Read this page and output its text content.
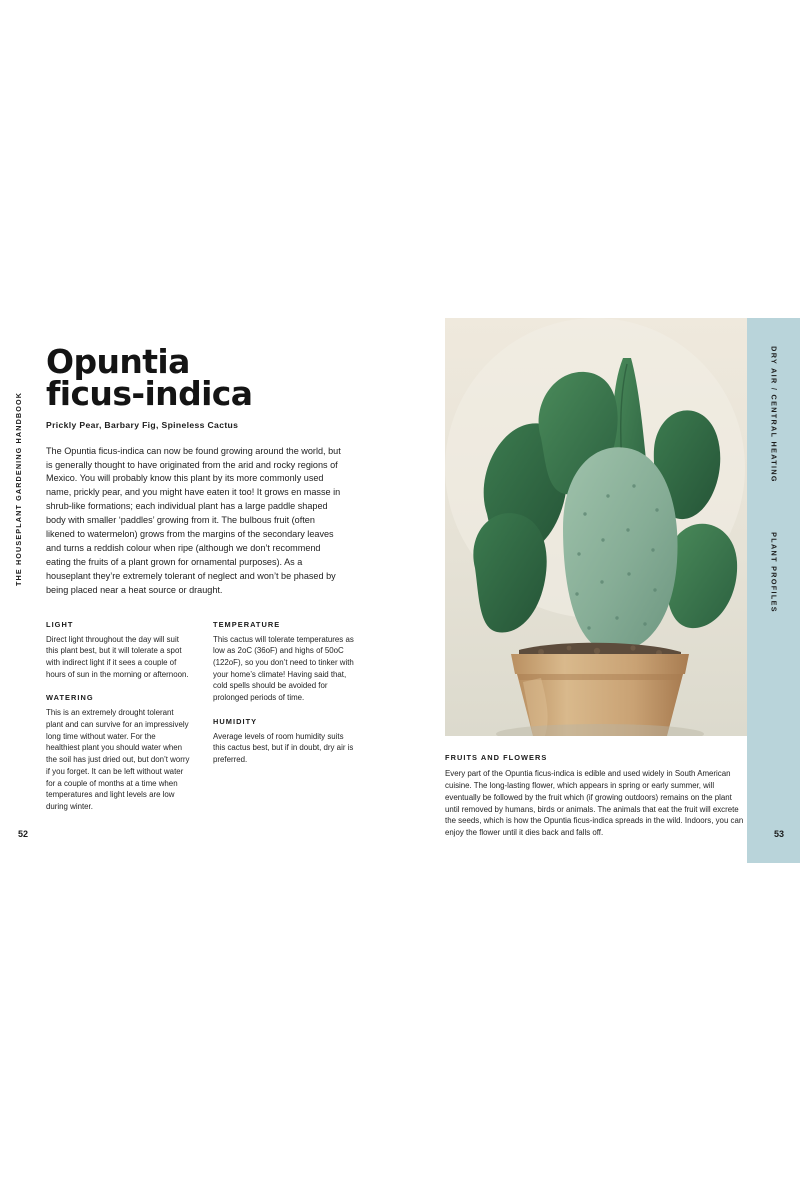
THE HOUSEPLANT GARDENING HANDBOOK
52
Opuntia
ficus-indica
Prickly Pear, Barbary Fig, Spineless Cactus
The Opuntia ficus-indica can now be found growing around the world, but is generally thought to have originated from the arid and rocky regions of Mexico. You will probably know this plant by its more commonly used name, prickly pear, and you might have eaten it too! It grows en masse in shrub-like formations; each individual plant has a large paddle shaped body with smaller ‘paddles’ growing from it. The bulbous fruit (often likened to watermelon) grows from the margins of the secondary leaves and turns a reddish colour when ripe (although we don’t recommend eating the fruits of a plant grown for ornamental purposes). As a houseplant they’re extremely tolerant of neglect and won’t be phased by being placed near a heat source or draught.
LIGHT
Direct light throughout the day will suit this plant best, but it will tolerate a spot with indirect light if it sees a couple of hours of sun in the morning or afternoon.
WATERING
This is an extremely drought tolerant plant and can survive for an impressively long time without water. For the healthiest plant you should water when the soil has just dried out, but don’t worry if you forget. It can be left without water for a couple of months at a time when temperatures and light levels are low during winter.
TEMPERATURE
This cactus will tolerate temperatures as low as 2oC (36oF) and highs of 50oC (122oF), so you don’t need to tinker with your home’s climate! Having said that, cold spells should be avoided for prolonged periods of time.
HUMIDITY
Average levels of room humidity suits this cactus best, but if in doubt, dry air is preferred.	FRUITS AND FLOWERS
Every part of the Opuntia ficus-indica is edible and used widely in South American cuisine. The long-lasting flower, which appears in spring or early summer, will eventually be followed by the fruit which (if growing outdoors) remains on the plant until removed by humans, birds or animals. The animals that eat the fruit will excrete the seeds, which is how the Opuntia ficus-indica spreads in the wild. Indoors, you can enjoy the flower until it dies back and falls off.
DRY AIR / CENTRAL HEATING
PLANT PROFILES
53
